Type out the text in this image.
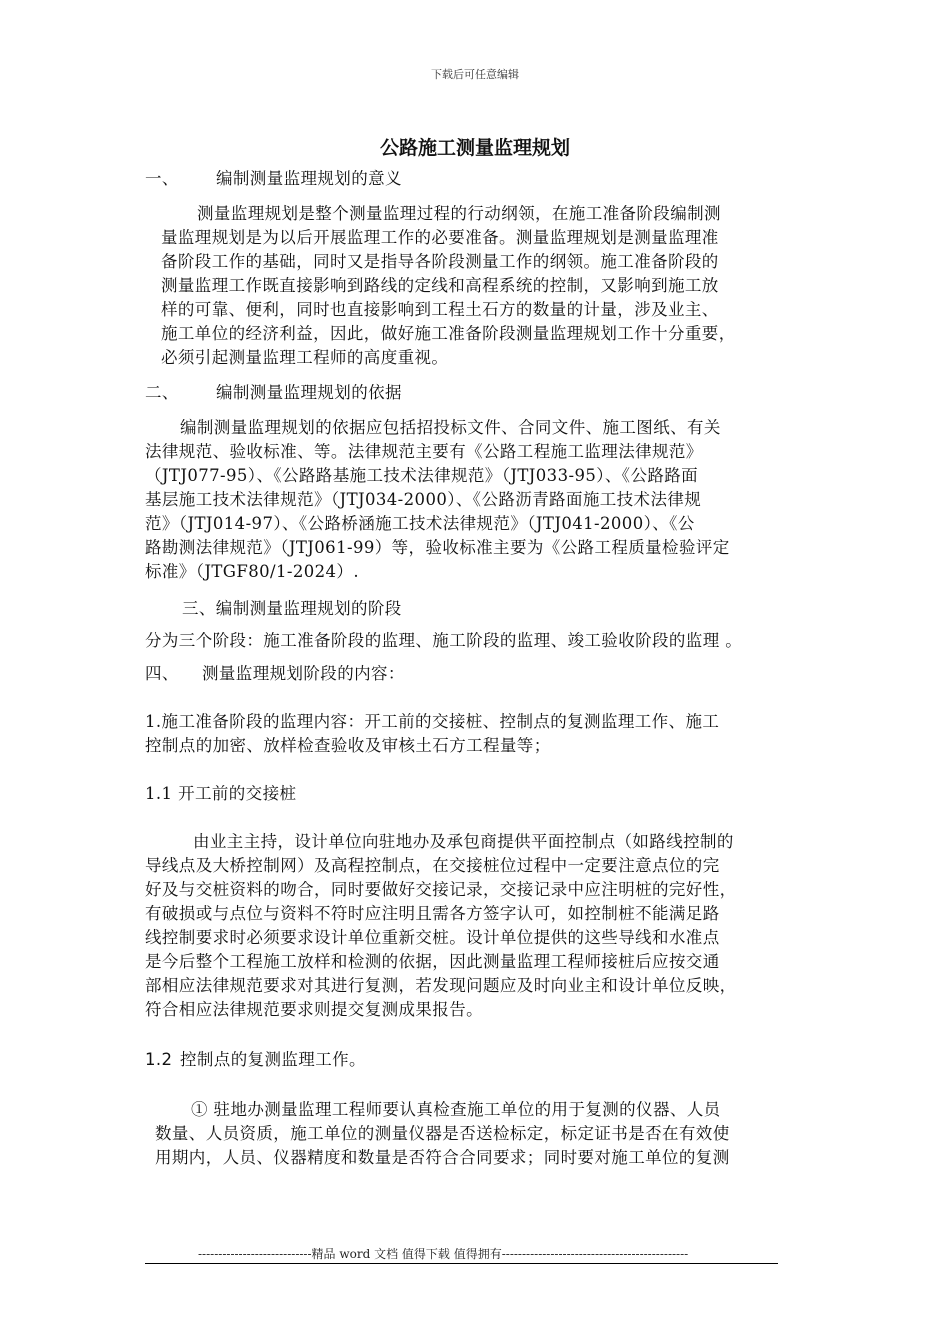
下载后可任意编辑
公路施工测量监理规划
一、 编制测量监理规划的意义
测量监理规划是整个测量监理过程的行动纲领，在施工准备阶段编制测
量监理规划是为以后开展监理工作的必要准备。测量监理规划是测量监理准
备阶段工作的基础，同时又是指导各阶段测量工作的纲领。施工准备阶段的
测量监理工作既直接影响到路线的定线和高程系统的控制，又影响到施工放
样的可靠、便利，同时也直接影响到工程土石方的数量的计量，涉及业主、
施工单位的经济利益，因此，做好施工准备阶段测量监理规划工作十分重要，
必须引起测量监理工程师的高度重视。
二、 编制测量监理规划的依据
编制测量监理规划的依据应包括招投标文件、合同文件、施工图纸、有关
法律规范、验收标准、等。法律规范主要有《公路工程施工监理法律规范》
（JTJ077-95）、《公路路基施工技术法律规范》（JTJ033-95）、《公路路面
基层施工技术法律规范》（JTJ034-2000）、《公路沥青路面施工技术法律规
范》（JTJ014-97）、《公路桥涵施工技术法律规范》（JTJ041-2000）、《公
路勘测法律规范》（JTJ061-99）等，验收标准主要为《公路工程质量检验评定
标准》（JTGF80/1-2024）.
三、编制测量监理规划的阶段
分为三个阶段：施工准备阶段的监理、施工阶段的监理、竣工验收阶段的监理 。
四、 测量监理规划阶段的内容：
1.施工准备阶段的监理内容：开工前的交接桩、控制点的复测监理工作、施工
控制点的加密、放样检查验收及审核土石方工程量等；
1.1 开工前的交接桩
由业主主持，设计单位向驻地办及承包商提供平面控制点（如路线控制的
导线点及大桥控制网）及高程控制点，在交接桩位过程中一定要注意点位的完
好及与交桩资料的吻合，同时要做好交接记录，交接记录中应注明桩的完好性，
有破损或与点位与资料不符时应注明且需各方签字认可，如控制桩不能满足路
线控制要求时必须要求设计单位重新交桩。设计单位提供的这些导线和水准点
是今后整个工程施工放样和检测的依据，因此测量监理工程师接桩后应按交通
部相应法律规范要求对其进行复测，若发现问题应及时向业主和设计单位反映，
符合相应法律规范要求则提交复测成果报告。
1.2 控制点的复测监理工作。
① 驻地办测量监理工程师要认真检查施工单位的用于复测的仪器、人员
数量、人员资质，施工单位的测量仪器是否送检标定，标定证书是否在有效使
用期内，人员、仪器精度和数量是否符合合同要求；同时要对施工单位的复测
----------------------------精品 word 文档 值得下载 值得拥有----------------------------------------------
